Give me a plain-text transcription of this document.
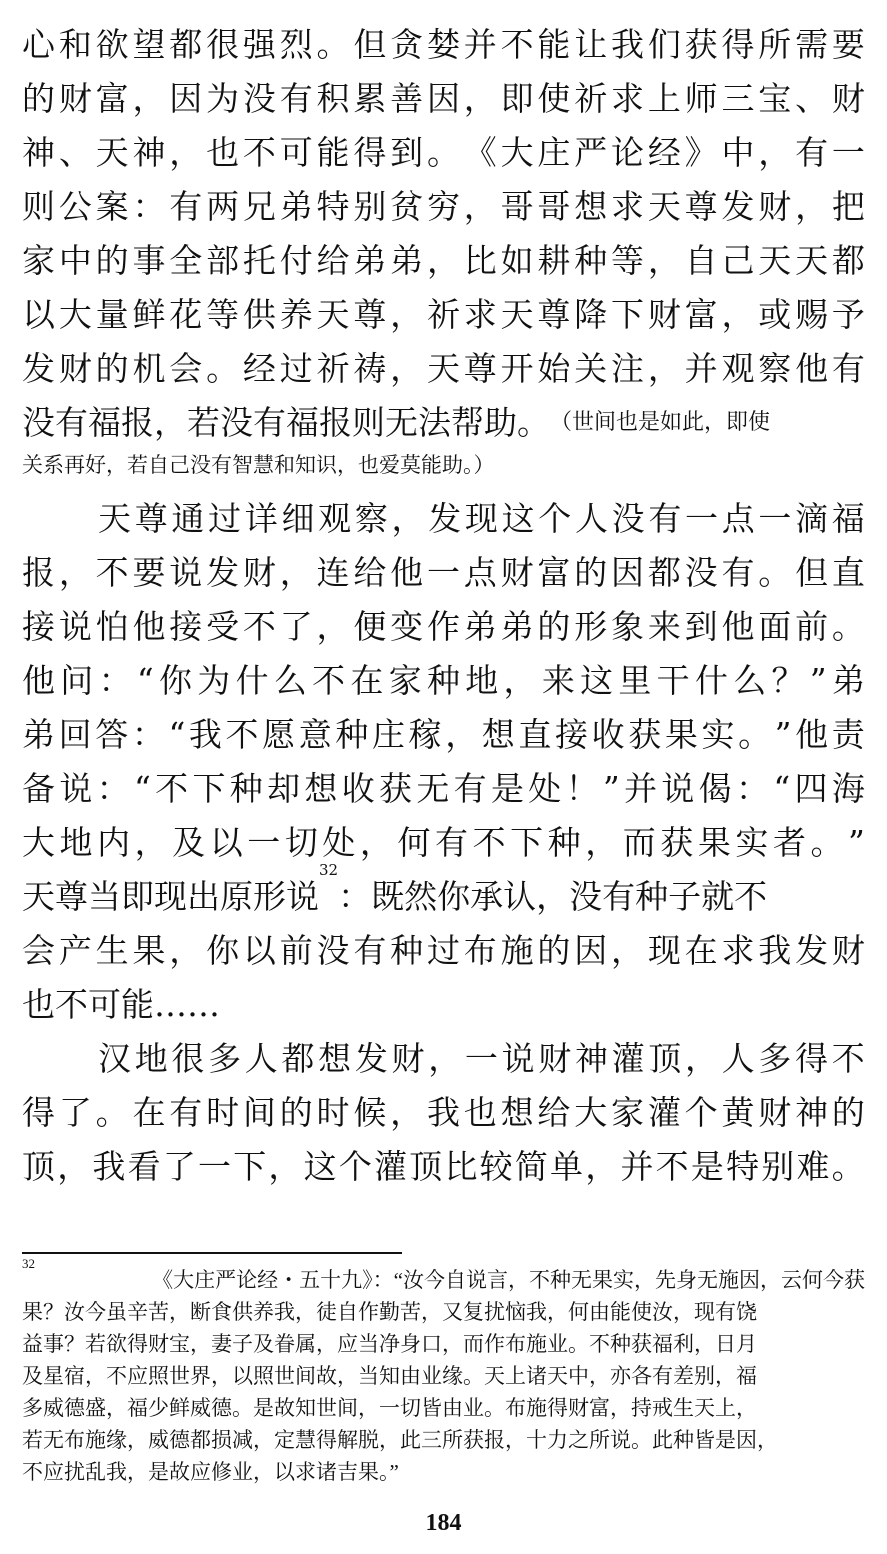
心 和 欲 望 都 很 强 烈 。 但 贪 婪 并 不 能 让 我 们 获 得 所 需 要
的 财 富 ， 因 为 没 有 积 累 善 因 ， 即 使 祈 求 上 师 三 宝 、 财
神 、 天 神 ， 也 不 可 能 得 到 。 《 大 庄 严 论 经 》 中 ， 有 一
则 公 案 ： 有 两 兄 弟 特 别 贫 穷 ， 哥 哥 想 求 天 尊 发 财 ， 把
家 中 的 事 全 部 托 付 给 弟 弟 ， 比 如 耕 种 等 ， 自 己 天 天 都
以 大 量 鲜 花 等 供 养 天 尊 ， 祈 求 天 尊 降 下 财 富 ， 或 赐 予
发 财 的 机 会 。 经 过 祈 祷 ， 天 尊 开 始 关 注 ， 并 观 察 他 有
没有福报，若没有福报则无法帮助。 （世间也是如此，即使
关系再好，若自己没有智慧和知识，也爱莫能助。）
天 尊 通 过 详 细 观 察 ， 发 现 这 个 人 没 有 一 点 一 滴 福
报 ， 不 要 说 发 财 ， 连 给 他 一 点 财 富 的 因 都 没 有 。 但 直
接 说 怕 他 接 受 不 了 ， 便 变 作 弟 弟 的 形 象 来 到 他 面 前 。
他 问 ： “ 你 为 什 么 不 在 家 种 地 ， 来 这 里 干 什 么 ？ ” 弟
弟 回 答 ： “ 我 不 愿 意 种 庄 稼 ， 想 直 接 收 获 果 实 。 ” 他 责
备 说 ： “ 不 下 种 却 想 收 获 无 有 是 处 ！ ” 并 说 偈 ： “ 四 海
大 地 内 ， 及 以 一 切 处 ， 何 有 不 下 种 ， 而 获 果 实 者 。 ”
天尊当即现出原形说
32
：既然你承认，没有种子就不
会 产 生 果 ， 你 以 前 没 有 种 过 布 施 的 因 ， 现 在 求 我 发 财
也不可能……
汉 地 很 多 人 都 想 发 财 ， 一 说 财 神 灌 顶 ， 人 多 得 不
得 了 。 在 有 时 间 的 时 候 ， 我 也 想 给 大 家 灌 个 黄 财 神 的
顶 ， 我 看 了 一 下 ， 这 个 灌 顶 比 较 简 单 ， 并 不 是 特 别 难 。
32
《大庄严论经・五十九》：“汝今自说言，不种无果实，先身无施因，云何今获
果？汝今虽辛苦，断食供养我，徒自作勤苦，又复扰恼我，何由能使汝，现有饶
益事？若欲得财宝，妻子及眷属，应当净身口，而作布施业。不种获福利，日月
及星宿，不应照世界，以照世间故，当知由业缘。天上诸天中，亦各有差别，福
多威德盛，福少鲜威德。是故知世间，一切皆由业。布施得财富，持戒生天上，
若无布施缘，威德都损减，定慧得解脱，此三所获报，十力之所说。此种皆是因，
不应扰乱我，是故应修业，以求诸吉果。”
184
